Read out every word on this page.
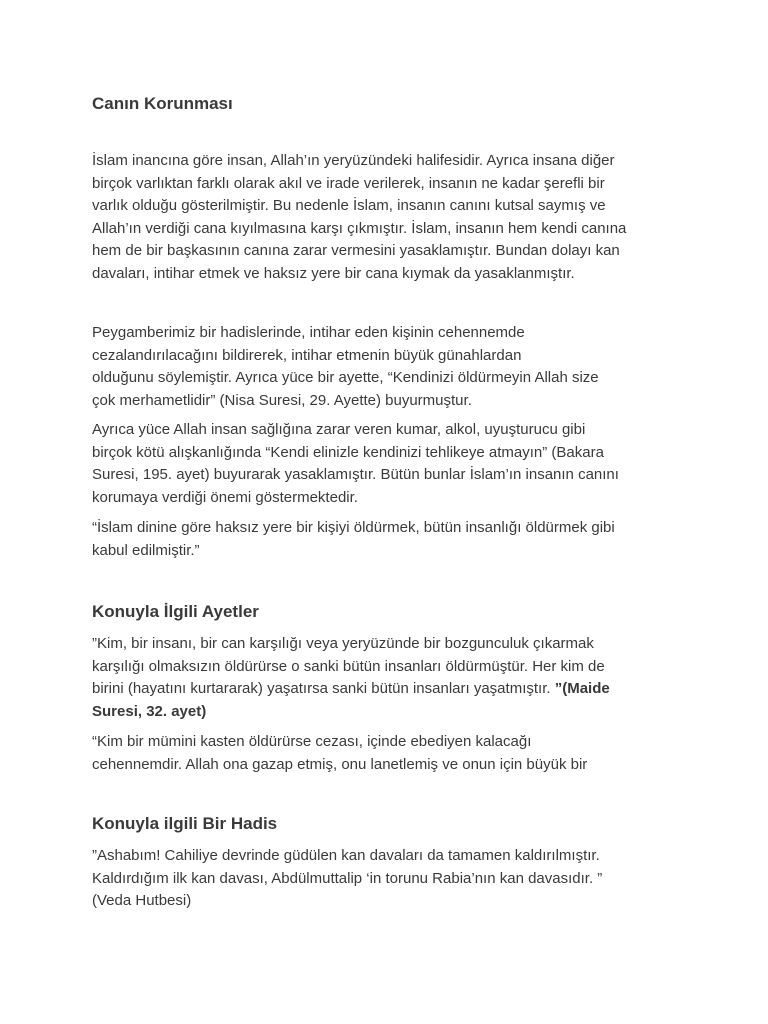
Canın Korunması

İslam inancına göre insan, Allah’ın yeryüzündeki halifesidir. Ayrıca insana diğer
birçok varlıktan farklı olarak akıl ve irade verilerek, insanın ne kadar şerefli bir
varlık olduğu gösterilmiştir. Bu nedenle İslam, insanın canını kutsal saymış ve
Allah’ın verdiği cana kıyılmasına karşı çıkmıştır. İslam, insanın hem kendi canına
hem de bir başkasının canına zarar vermesini yasaklamıştır. Bundan dolayı kan
davaları, intihar etmek ve haksız yere bir cana kıymak da yasaklanmıştır.

Peygamberimiz bir hadislerinde, intihar eden kişinin cehennemde
cezalandırılacağını bildirerek, intihar etmenin büyük günahlardan
olduğunu söylemiştir. Ayrıca yüce bir ayette, “Kendinizi öldürmeyin Allah size
çok merhametlidir” (Nisa Suresi, 29. Ayette) buyurmuştur.

Ayrıca yüce Allah insan sağlığına zarar veren kumar, alkol, uyuşturucu gibi
birçok kötü alışkanlığında “Kendi elinizle kendinizi tehlikeye atmayın” (Bakara
Suresi, 195. ayet) buyurarak yasaklamıştır. Bütün bunlar İslam’ın insanın canını
korumaya verdiği önemi göstermektedir.

“İslam dinine göre haksız yere bir kişiyi öldürmek, bütün insanlığı öldürmek gibi
kabul edilmiştir.”

Konuyla İlgili Ayetler

”Kim, bir insanı, bir can karşılığı veya yeryüzünde bir bozgunculuk çıkarmak
karşılığı olmaksızın öldürürse o sanki bütün insanları öldürmüştür. Her kim de
birini (hayatını kurtararak) yaşatırsa sanki bütün insanları yaşatmıştır. ”(Maide
Suresi, 32. ayet)

“Kim bir mümini kasten öldürürse cezası, içinde ebediyen kalacağı
cehennemdir. Allah ona gazap etmiş, onu lanetlemiş ve onun için büyük bir

Konuyla ilgili Bir Hadis

”Ashabım! Cahiliye devrinde güdülen kan davaları da tamamen kaldırılmıştır.
Kaldırdığım ilk kan davası, Abdülmuttalip ‘in torunu Rabia’nın kan davasıdır. ”
(Veda Hutbesi)
